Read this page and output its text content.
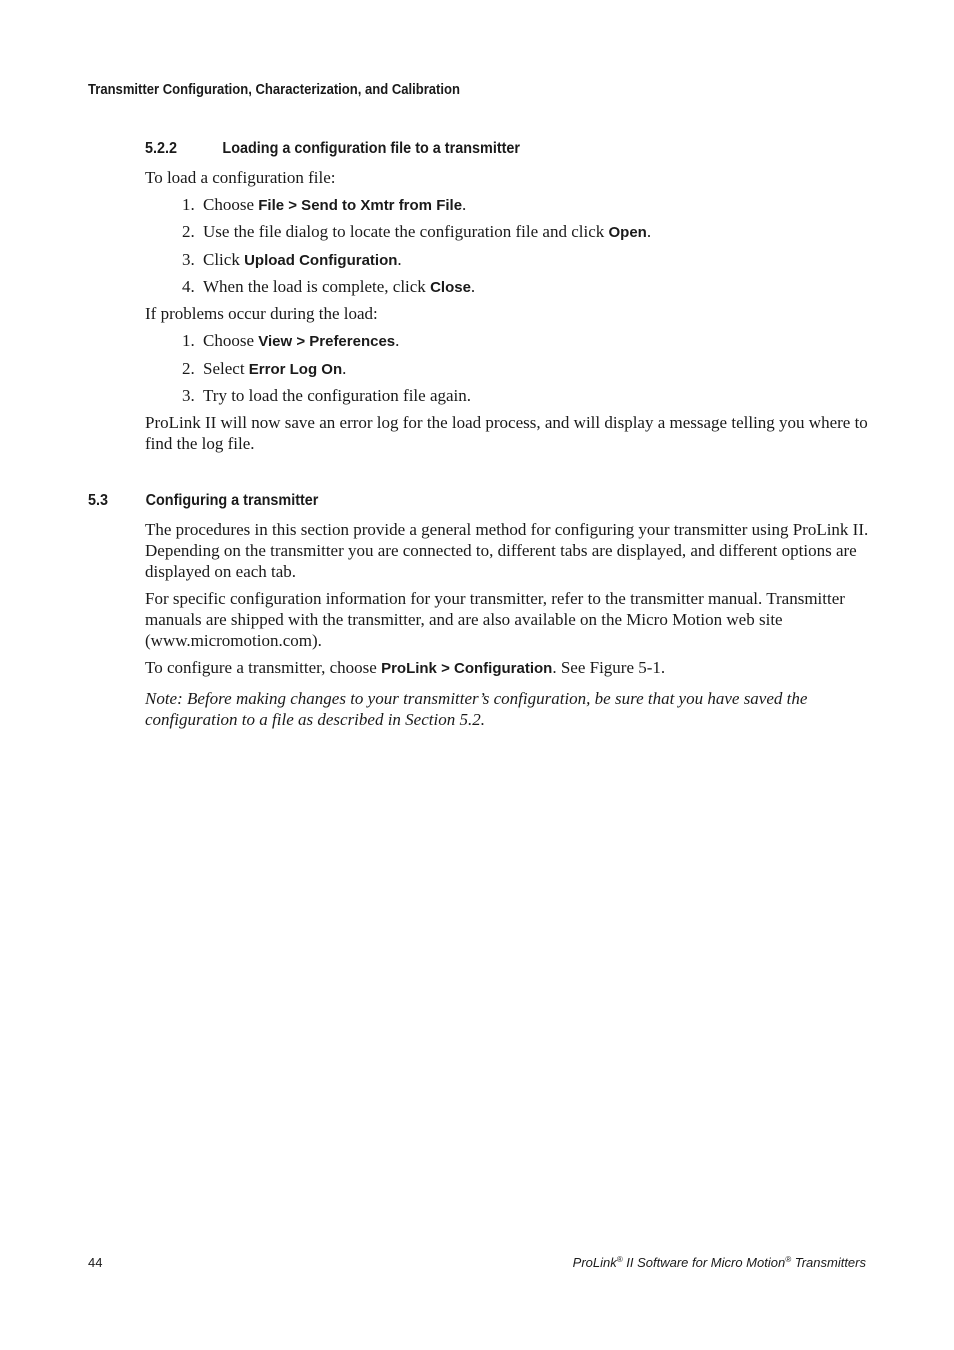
Transmitter Configuration, Characterization, and Calibration
5.2.2	Loading a configuration file to a transmitter

To load a configuration file:

1. Choose File > Send to Xmtr from File.
2. Use the file dialog to locate the configuration file and click Open.
3. Click Upload Configuration.
4. When the load is complete, click Close.

If problems occur during the load:

1. Choose View > Preferences.
2. Select Error Log On.
3. Try to load the configuration file again.

ProLink II will now save an error log for the load process, and will display a message telling you where to find the log file.

5.3 Configuring a transmitter

The procedures in this section provide a general method for configuring your transmitter using ProLink II. Depending on the transmitter you are connected to, different tabs are displayed, and different options are displayed on each tab.

For specific configuration information for your transmitter, refer to the transmitter manual. Transmitter manuals are shipped with the transmitter, and are also available on the Micro Motion web site (www.micromotion.com).

To configure a transmitter, choose ProLink > Configuration. See Figure 5-1.

Note: Before making changes to your transmitter’s configuration, be sure that you have saved the configuration to a file as described in Section 5.2.

44	ProLink® II Software for Micro Motion® Transmitters
